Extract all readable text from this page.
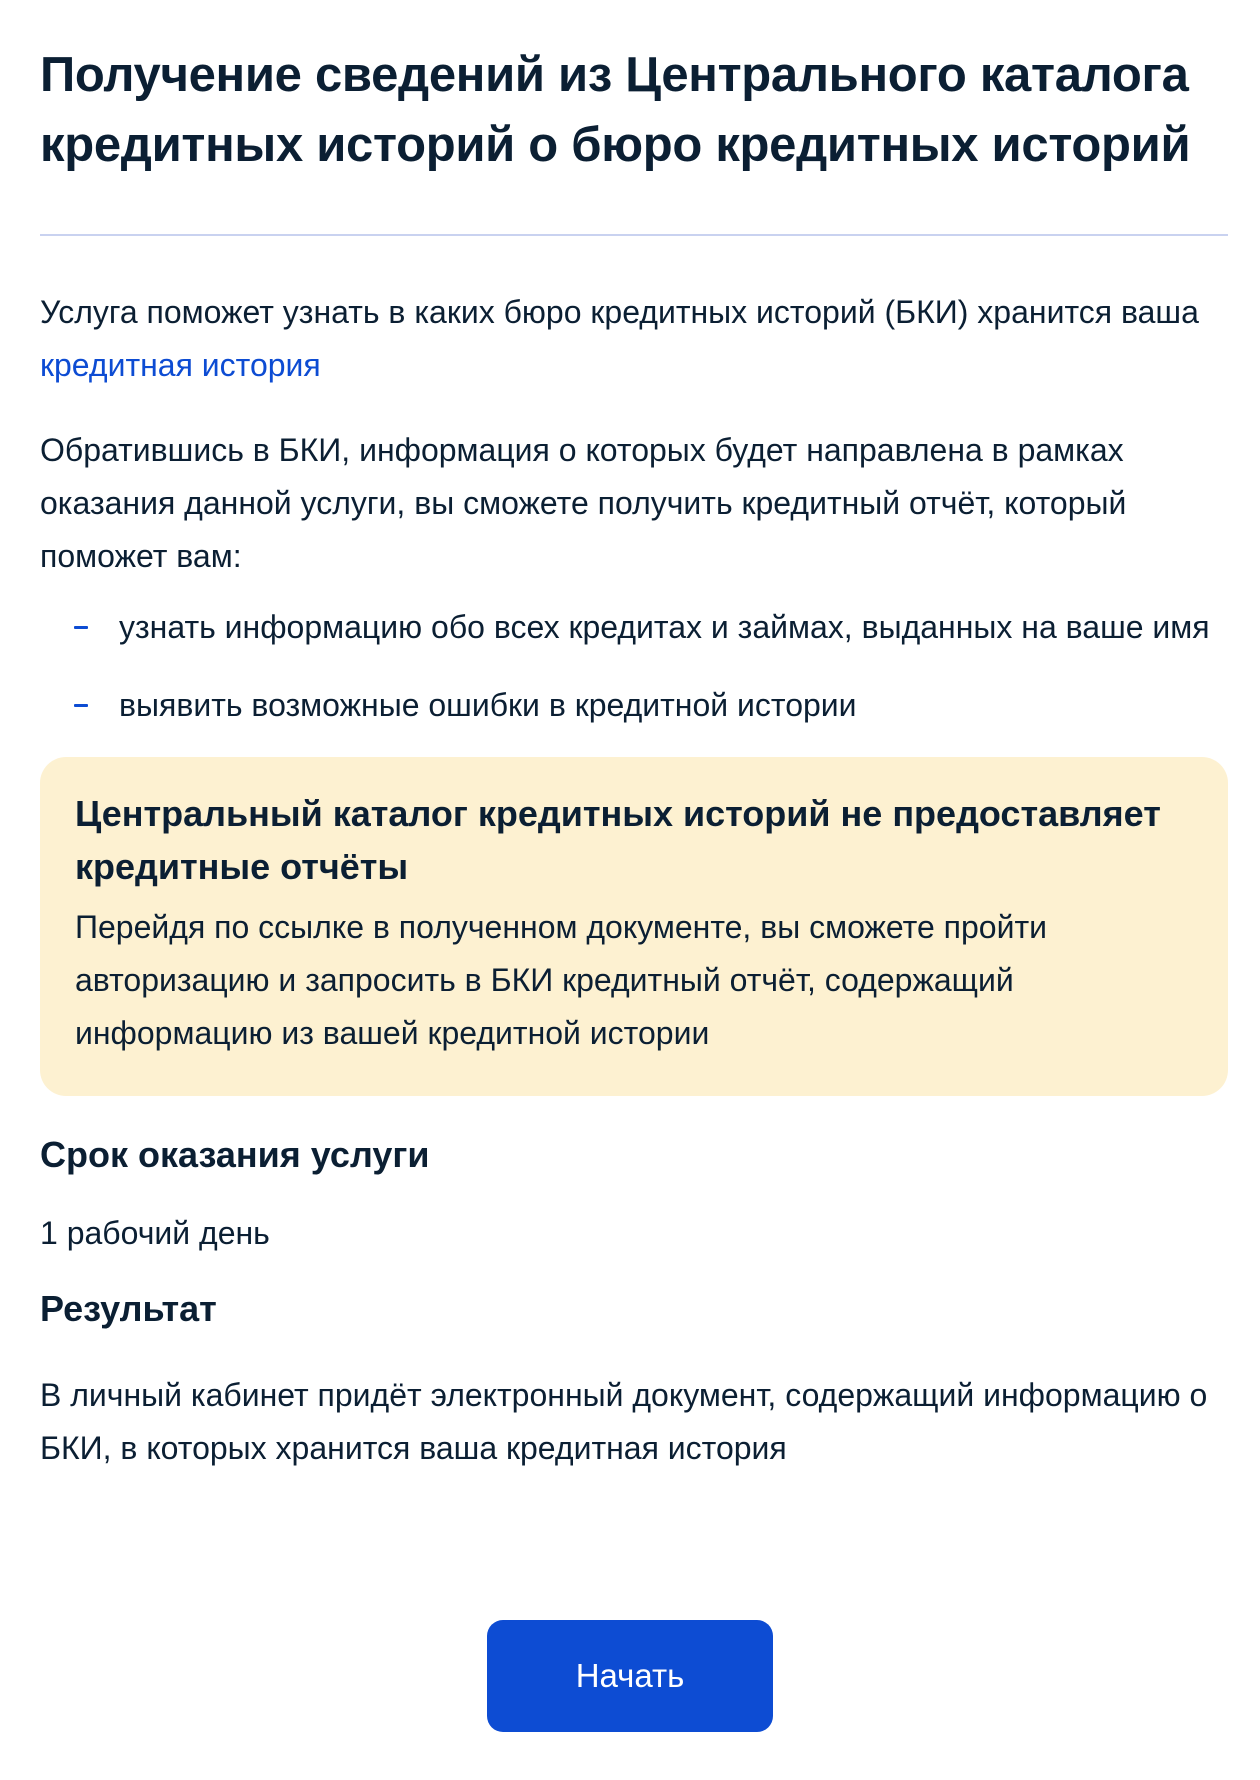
Получение сведений из Центрального каталога кредитных историй о бюро кредитных историй

Услуга поможет узнать в каких бюро кредитных историй (БКИ) хранится ваша кредитная история

Обратившись в БКИ, информация о которых будет направлена в рамках оказания данной услуги, вы сможете получить кредитный отчёт, который поможет вам:

узнать информацию обо всех кредитах и займах, выданных на ваше имя
выявить возможные ошибки в кредитной истории
Центральный каталог кредитных историй не предоставляет кредитные отчёты

Перейдя по ссылке в полученном документе, вы сможете пройти авторизацию и запросить в БКИ кредитный отчёт, содержащий информацию из вашей кредитной истории

Срок оказания услуги

1 рабочий день

Результат

В личный кабинет придёт электронный документ, содержащий информацию о БКИ, в которых хранится ваша кредитная история

Начать
